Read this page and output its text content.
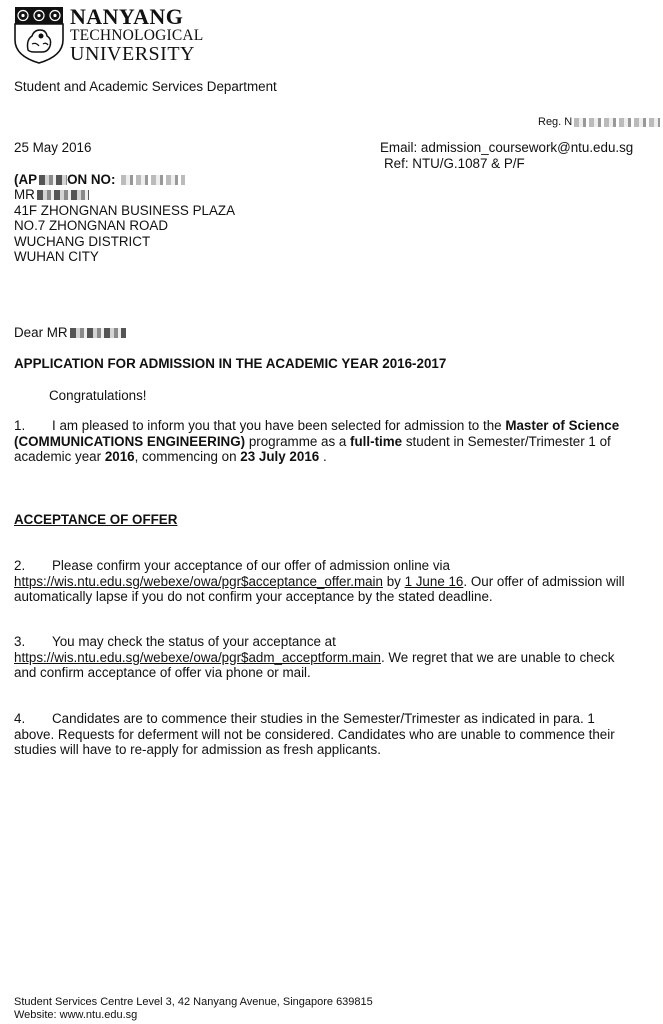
NANYANG
TECHNOLOGICAL
UNIVERSITY
Student and Academic Services Department
Reg. N
25 May 2016	Email: admission_coursework@ntu.edu.sg
Ref: NTU/G.1087 & P/F
(AP ON NO:
MR
41F ZHONGNAN BUSINESS PLAZA
NO.7 ZHONGNAN ROAD
WUCHANG DISTRICT
WUHAN CITY
Dear MR
APPLICATION FOR ADMISSION IN THE ACADEMIC YEAR 2016-2017
Congratulations!
1. I am pleased to inform you that you have been selected for admission to the Master of Science
(COMMUNICATIONS ENGINEERING) programme as a full-time student in Semester/Trimester 1 of
academic year 2016, commencing on 23 July 2016 .
ACCEPTANCE OF OFFER
2. Please confirm your acceptance of our offer of admission online via
https://wis.ntu.edu.sg/webexe/owa/pgr$acceptance_offer.main by 1 June 16. Our offer of admission will
automatically lapse if you do not confirm your acceptance by the stated deadline.
3. You may check the status of your acceptance at
https://wis.ntu.edu.sg/webexe/owa/pgr$adm_acceptform.main. We regret that we are unable to check
and confirm acceptance of offer via phone or mail.
4. Candidates are to commence their studies in the Semester/Trimester as indicated in para. 1
above. Requests for deferment will not be considered. Candidates who are unable to commence their
studies will have to re-apply for admission as fresh applicants.
Student Services Centre Level 3, 42 Nanyang Avenue, Singapore 639815
Website: www.ntu.edu.sg
